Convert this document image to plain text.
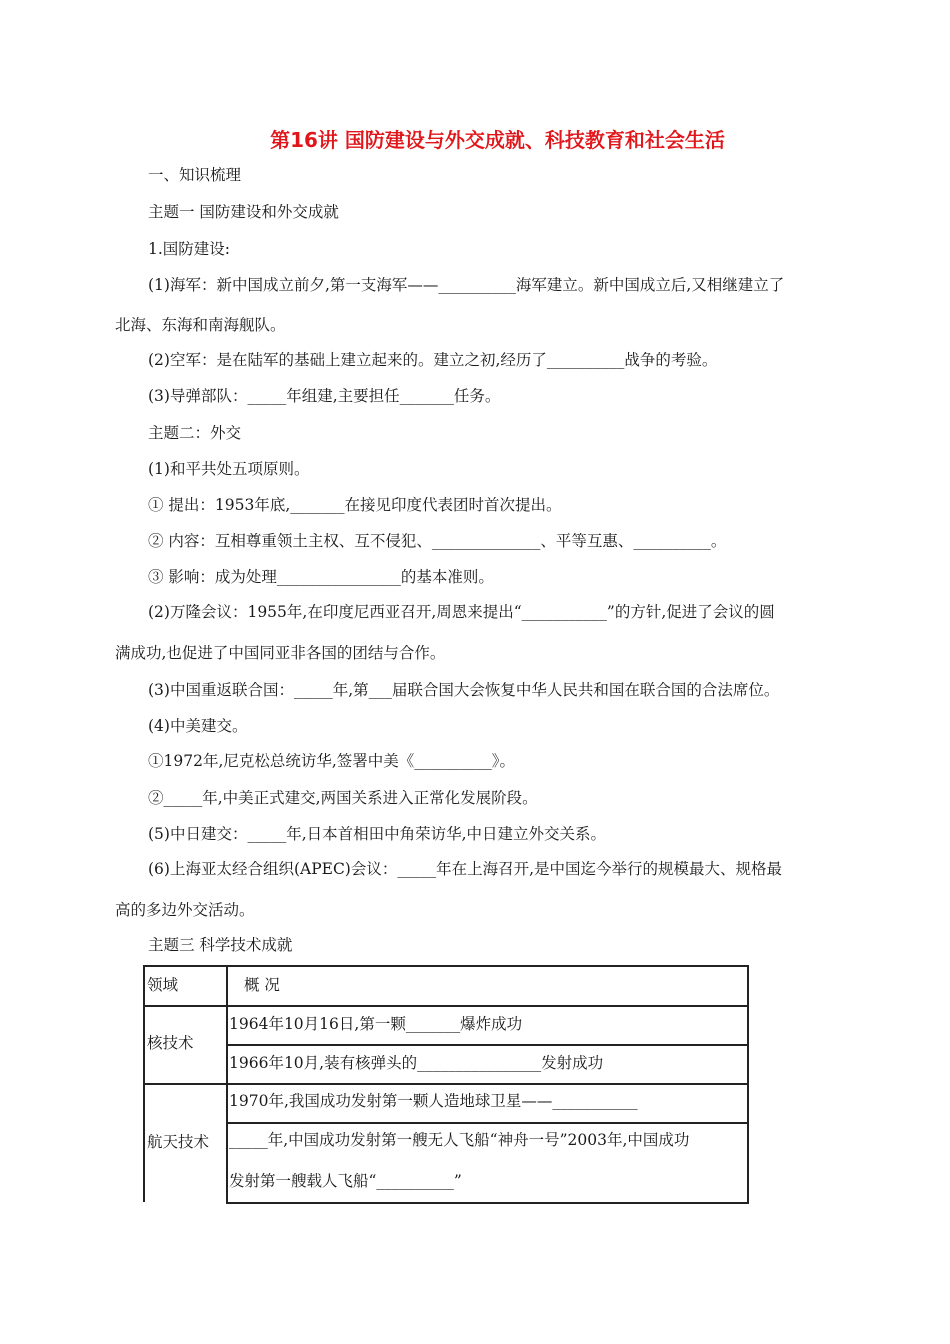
第16讲 国防建设与外交成就、科技教育和社会生活
一、知识梳理
主题一 国防建设和外交成就
1.国防建设:
(1)海军：新中国成立前夕,第一支海军——__________海军建立。新中国成立后,又相继建立了
北海、东海和南海舰队。
(2)空军：是在陆军的基础上建立起来的。建立之初,经历了__________战争的考验。
(3)导弹部队：_____年组建,主要担任_______任务。
主题二：外交
(1)和平共处五项原则。
① 提出：1953年底,_______在接见印度代表团时首次提出。
② 内容：互相尊重领土主权、互不侵犯、______________、平等互惠、__________。
③ 影响：成为处理________________的基本准则。
(2)万隆会议：1955年,在印度尼西亚召开,周恩来提出“___________”的方针,促进了会议的圆
满成功,也促进了中国同亚非各国的团结与合作。
(3)中国重返联合国：_____年,第___届联合国大会恢复中华人民共和国在联合国的合法席位。
(4)中美建交。
①1972年,尼克松总统访华,签署中美《__________》。
②_____年,中美正式建交,两国关系进入正常化发展阶段。
(5)中日建交：_____年,日本首相田中角荣访华,中日建立外交关系。
(6)上海亚太经合组织(APEC)会议：_____年在上海召开,是中国迄今举行的规模最大、规格最
高的多边外交活动。
主题三 科学技术成就
领域	概 况
核技术
1964年10月16日,第一颗_______爆炸成功
1966年10月,装有核弹头的________________发射成功
航天技术
1970年,我国成功发射第一颗人造地球卫星——___________
_____年,中国成功发射第一艘无人飞船“神舟一号”2003年,中国成功
发射第一艘载人飞船“__________”
